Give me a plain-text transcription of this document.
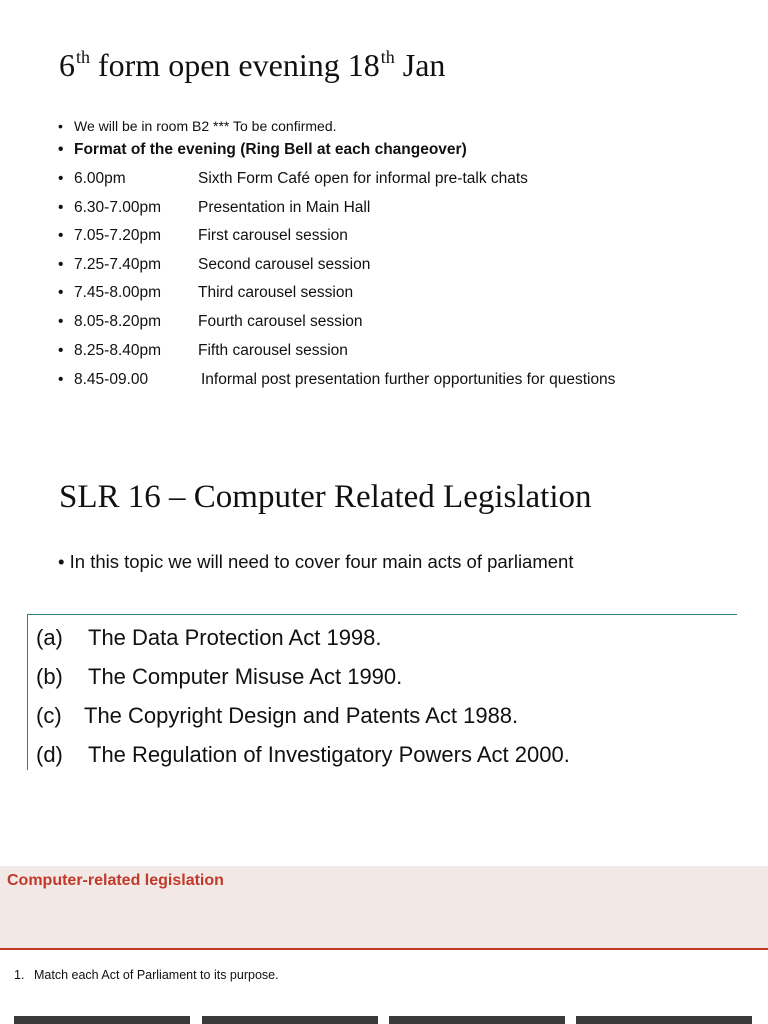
6th form open evening 18th Jan
• We will be in room B2 *** To be confirmed.
• Format of the evening (Ring Bell at each changeover)
• 6.00pm	Sixth Form Café open for informal pre-talk chats
• 6.30-7.00pm Presentation in Main Hall
• 7.05-7.20pm First carousel session
• 7.25-7.40pm Second carousel session
• 7.45-8.00pm Third carousel session
• 8.05-8.20pm Fourth carousel session
• 8.25-8.40pm Fifth carousel session
• 8.45-09.00	Informal post presentation further opportunities for questions
SLR 16 – Computer Related Legislation
• In this topic we will need to cover four main acts of parliament
(a) The Data Protection Act 1998.
(b) The Computer Misuse Act 1990.
(c) The Copyright Design and Patents Act 1988.
(d) The Regulation of Investigatory Powers Act 2000.
Computer-related legislation
1. Match each Act of Parliament to its purpose.
